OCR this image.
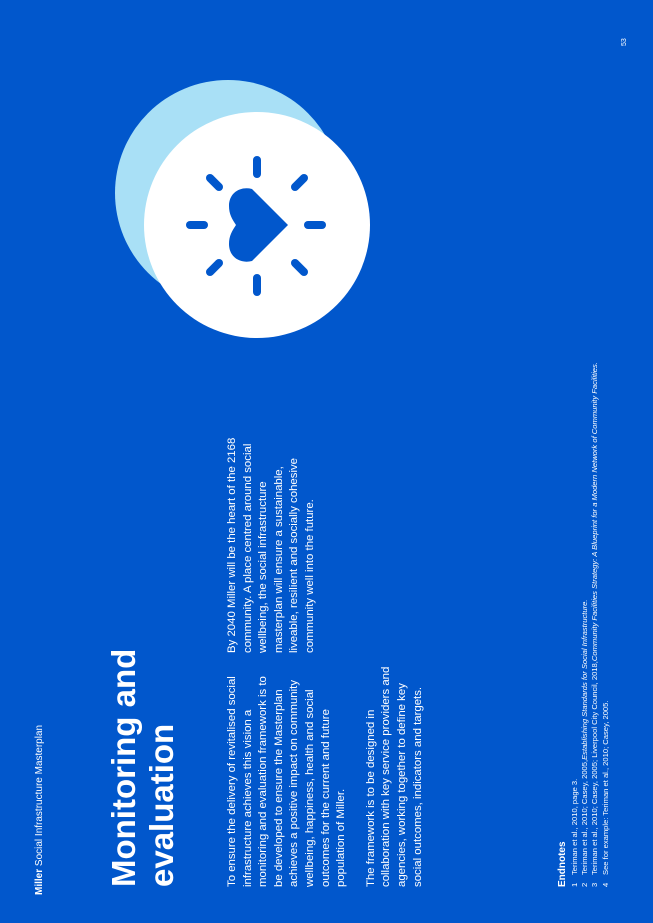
Miller Social Infrastructure Masterplan Monitoring and evaluation	To ensure the delivery of revitalised social infrastructure achieves this vision a monitoring and evaluation framework is to be developed to ensure the Masterplan achieves a positive impact on community wellbeing, happiness, health and social outcomes for the current and future population of Miller. The framework is to be designed in collaboration with key service providers and agencies, working together to define key social outcomes, indicators and targets.

By 2040 Miller will be the heart of the 2168 community. A place centred around social wellbeing, the social infrastructure masterplan will ensure a sustainable, liveable, resilient and socially cohesive community well into the future.

Endnotes 1
Teriman et al., 2010, page 3.
2
Teriman et al., 2010; Casey, 2005,
Establishing Standards for Social Infrastructure.
3
Teriman et al., 2010; Casey, 2005; Liverpool City Council, 2018,
Community Facilities Strategy: A Blueprint for a Modern Network of Community Facilities.
4
See for example: Teriman et al., 2010; Casey, 2005.
53
